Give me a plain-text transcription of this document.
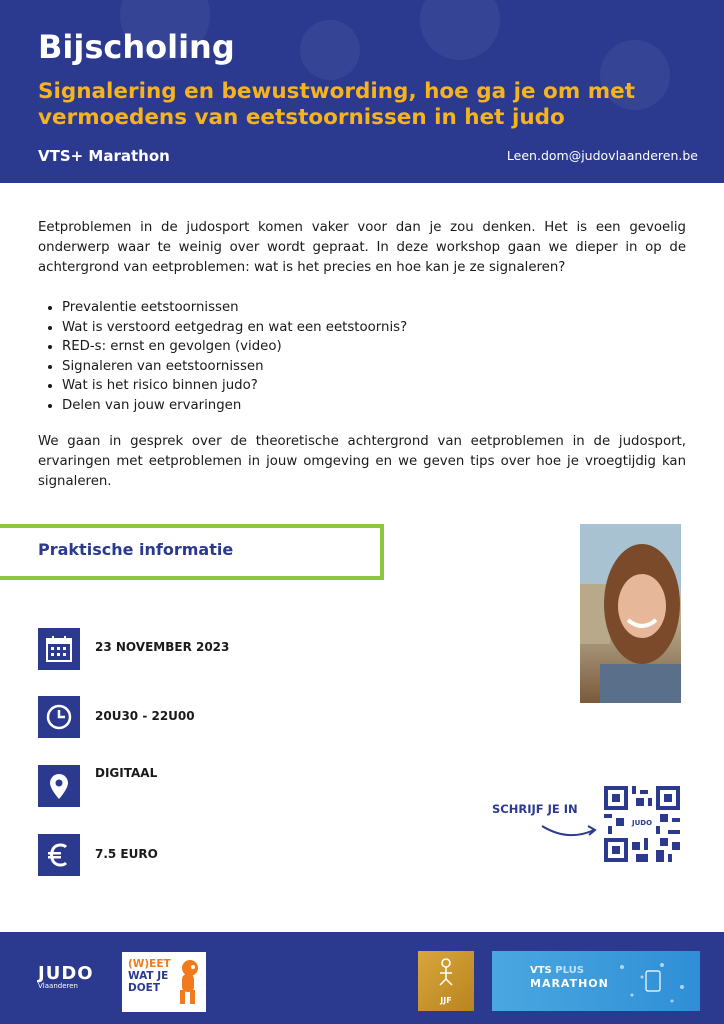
Bijscholing
Signalering en bewustwording, hoe ga je om met vermoedens van eetstoornissen in het judo
VTS+ Marathon	Leen.dom@judovlaanderen.be
Eetproblemen in de judosport komen vaker voor dan je zou denken. Het is een gevoelig onderwerp waar te weinig over wordt gepraat. In deze workshop gaan we dieper in op de achtergrond van eetproblemen: wat is het precies en hoe kan je ze signaleren?
• Prevalentie eetstoornissen
• Wat is verstoord eetgedrag en wat een eetstoornis?
• RED-s: ernst en gevolgen (video)
• Signaleren van eetstoornissen
• Wat is het risico binnen judo?
• Delen van jouw ervaringen
We gaan in gesprek over de theoretische achtergrond van eetproblemen in de judosport, ervaringen met eetproblemen in jouw omgeving en we geven tips over hoe je vroegtijdig kan signaleren.
Praktische informatie
23 NOVEMBER 2023
20U30 - 22U00
DIGITAAL
7.5 EURO
SCHRIJF JE IN
JUDO
JUDO
Vlaanderen
(W)EET
WAT JE
DOET
JJF
VTS PLUS
MARATHON
